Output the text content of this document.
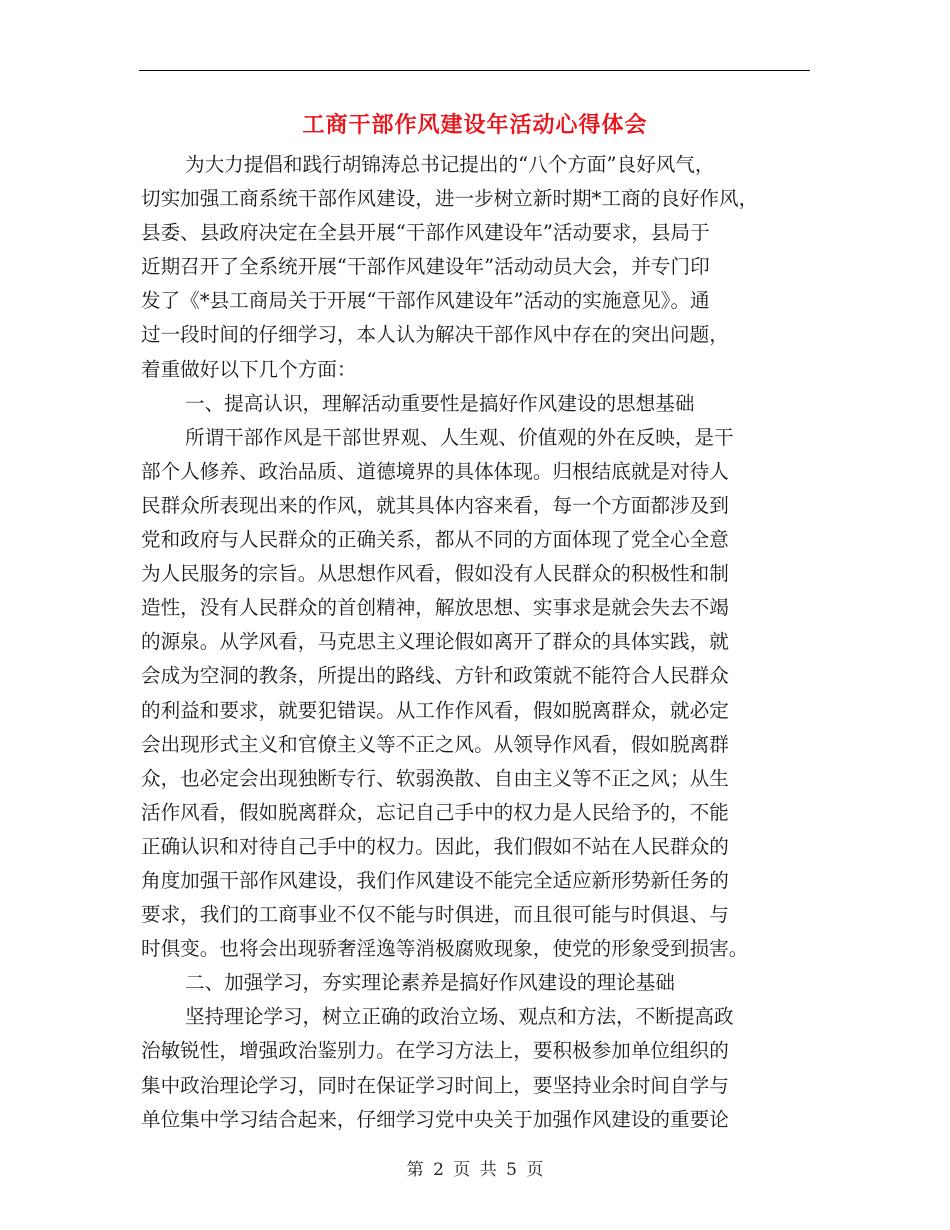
工商干部作风建设年活动心得体会
为大力提倡和践行胡锦涛总书记提出的“八个方面”良好风气，
切实加强工商系统干部作风建设，进一步树立新时期*工商的良好作风，
县委、县政府决定在全县开展“干部作风建设年”活动要求，县局于
近期召开了全系统开展“干部作风建设年”活动动员大会，并专门印
发了《*县工商局关于开展“干部作风建设年”活动的实施意见》。通
过一段时间的仔细学习，本人认为解决干部作风中存在的突出问题，
着重做好以下几个方面：
一、提高认识，理解活动重要性是搞好作风建设的思想基础
所谓干部作风是干部世界观、人生观、价值观的外在反映，是干
部个人修养、政治品质、道德境界的具体体现。归根结底就是对待人
民群众所表现出来的作风，就其具体内容来看，每一个方面都涉及到
党和政府与人民群众的正确关系，都从不同的方面体现了党全心全意
为人民服务的宗旨。从思想作风看，假如没有人民群众的积极性和制
造性，没有人民群众的首创精神，解放思想、实事求是就会失去不竭
的源泉。从学风看，马克思主义理论假如离开了群众的具体实践，就
会成为空洞的教条，所提出的路线、方针和政策就不能符合人民群众
的利益和要求，就要犯错误。从工作作风看，假如脱离群众，就必定
会出现形式主义和官僚主义等不正之风。从领导作风看，假如脱离群
众，也必定会出现独断专行、软弱涣散、自由主义等不正之风；从生
活作风看，假如脱离群众，忘记自己手中的权力是人民给予的，不能
正确认识和对待自己手中的权力。因此，我们假如不站在人民群众的
角度加强干部作风建设，我们作风建设不能完全适应新形势新任务的
要求，我们的工商事业不仅不能与时俱进，而且很可能与时俱退、与
时俱变。也将会出现骄奢淫逸等消极腐败现象，使党的形象受到损害。
二、加强学习，夯实理论素养是搞好作风建设的理论基础
坚持理论学习，树立正确的政治立场、观点和方法，不断提高政
治敏锐性，增强政治鉴别力。在学习方法上，要积极参加单位组织的
集中政治理论学习，同时在保证学习时间上，要坚持业余时间自学与
单位集中学习结合起来，仔细学习党中央关于加强作风建设的重要论
第 2 页 共 5 页
